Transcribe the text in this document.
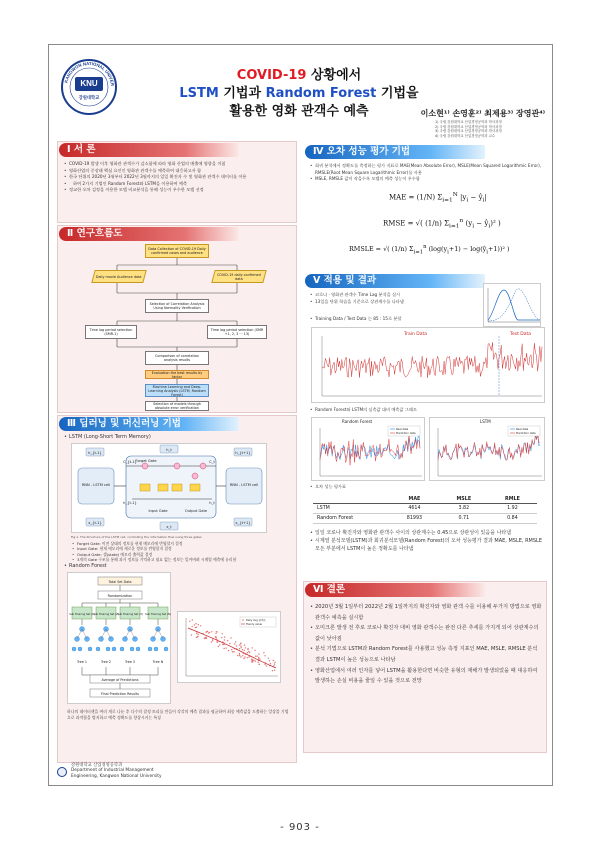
KANGWON NATIONAL UNIVER
KNU
강원대학교
COVID-19 상황에서
LSTM 기법과 Random Forest 기법을
활용한 영화 관객수 예측	이소현¹⁾ 손영훈²⁾ 최제용³⁾ 장영관⁴⁾
1) 국립 강원대학교 산업경영공학과 학사과정
2) 국립 강원대학교 산업경영공학과 학사과정
3) 국립 강원대학교 산업경영공학과 학사과정
4) 국립 강원대학교 산업경영공학과 교수
Ⅰ 서 론
• COVID-19 발생 이후 영화관 관객수가 감소함에 따라 영화 산업의 매출에 영향을 끼침
• 영화산업의 중장래 핵심 요인인 영화관 관객수를 예측하여 대응하고자 함
• 한국 단위의 2020년 3월부터 2022년 3월까지의 일일 확진자 수 및 영화관 관객수 데이터를 이용
• 하여 2가지 기법인 Random Forest와 LSTM을 이용하여 예측
• 정교한 오차 검정을 이용한 모델 비교분석을 통해 성능이 우수한 모델 선정
Ⅱ 연구흐름도
Data Collection of COVID-19 Daily confirmed cases and audience
Daily movie Audience data	COVID-19 daily confirmed data
Selection of Correlation Analysis Using Normality Verification
Time lag period selection (SMR-1)
Time lag period selection (SMR +1, 2, 3 ··· 13)
Comparison of correlation analysis results
Evaluation the best results by factor
Machine Learning and Deep-Learning Analysis (LSTM, Random Forest)
Selection of models through absolute error verification
Ⅲ 딥러닝 및 머신러닝 기법
• LSTM (Long-Short Term Memory)
h_{t-1}
h_t
h_{t+1}
x_{t-1}
x_t
x_{t+1}
RNN - LSTM cell	RNN - LSTM cell
Forget Gate
Input Gate	Output Gate
C_{t-1}	C_t
h_{t-1}	h_t
Fig.1. The Structure of the LSTM cell, controlling the information flow using three gates
• Forget Gate: 이전 상태의 정보를 현재 메모리에 반영할지 결정
• Input Gate: 현재 메모리에 새로운 정보를 반영할지 결정
• Output Gate: 셀(state) 메모리 출력값 결정
• 3개의 Gate 구조를 통해 과거 정보를 기억하고 필요 없는 정보는 잊어버려 시계열 예측에 유리함
• Random Forest
Total Set Data
Randomization
Sub Training Set (1)
Sub Training Set (2)
Sub Training Set (3) Sub Training Set (N)
Tree 1	Tree 2	Tree 3	Tree N
Average of Predictions
Final Prediction Results
Daily Avg 관객수
Trendy value
하나의 데이터셋을 여러 개로 나눈 후 다수의 결정 트리를 만들어 각각의 예측 결과를 평균하여 최종 예측값을 도출하는 앙상블 기법으로 과적합을 방지하고 예측 정확도를 향상시키는 특징
Ⅳ 오차 성능 평가 기법
• 회귀 분석에서 정확도를 측정하는 평가 지표로 MAE(Mean Absolute Error), MSLE(Mean Squared Logarithmic Error), RMSLE(Root Mean Square Logarithmic Error)를 사용
• MSLE, RMSLE 값이 작을수록 모델의 예측 성능이 우수함
MAE = (1/N) $\Sigma_{i=1}^N$ $|y_i$ − $ŷ_i|$
RMSE = √( (1/n) $\Sigma_{i=1}^n$ ($y_i$ − $ŷ_i)^2$ )
RMSLE = √( (1/n) $\Sigma_{i=1}^n$ ($\log(y_i+1)$ − $\log(ŷ_i+1))^2$ )
Ⅴ 적용 및 결과
• 코로나 · 영화관 관객수 Time Lag 분석을 실시
• 13일을 단위 학습을 기준으로 상관계수를 나타냄
• Training Data / Test Data 는 85 : 15로 분할
Train Data	Test Data
• Random Forest와 LSTM의 실측값 대비 예측값 그래프
Random Forest
Real data
Prediction data
LSTM
Real data
Prediction data
• 오차 성능 평가표
	MAE	MSLE	RMLE
LSTM	4614	3.82	1.92
Random Forest	81993	0.71	0.84
• 일일 코로나 확진자와 영화관 관객수 사이의 상관계수는 0.45으로 상관성이 있음을 나타냄
• 시계열 분석모델(LSTM)과 회귀분석모델(Random Forest)의 오차 성능평가 결과 MAE, MSLE, RMSLE 모든 부분에서 LSTM이 높은 정확도를 나타냄
Ⅵ 결론
• 2020년 3월 1일부터 2022년 2월 1일까지의 확진자와 영화 관객 수를 이용해 두가지 방법으로 영화 관객수 예측을 실시함
• 오미크론 발생 전 후로 코로나 확진자 대비 영화 관객수는 완전 다른 추세를 가지게 되어 상관계수의 값이 낮아짐
• 분석 기법으로 LSTM과 Random Forest를 사용했고 성능 측정 지표인 MAE, MSLE, RMSLE 분석 결과 LSTM이 높은 성능으로 나타남
• 영화산업에서 여러 인자를 넣어 LSTM을 활용한다면 비슷한 유형의 재해가 발생되었을 때 대응하여 발생하는 손실 비용을 줄일 수 있을 것으로 전망
강원대학교 산업경영공학과
Department of Industrial Management
Engineering, Kangwon National University
- 903 -
